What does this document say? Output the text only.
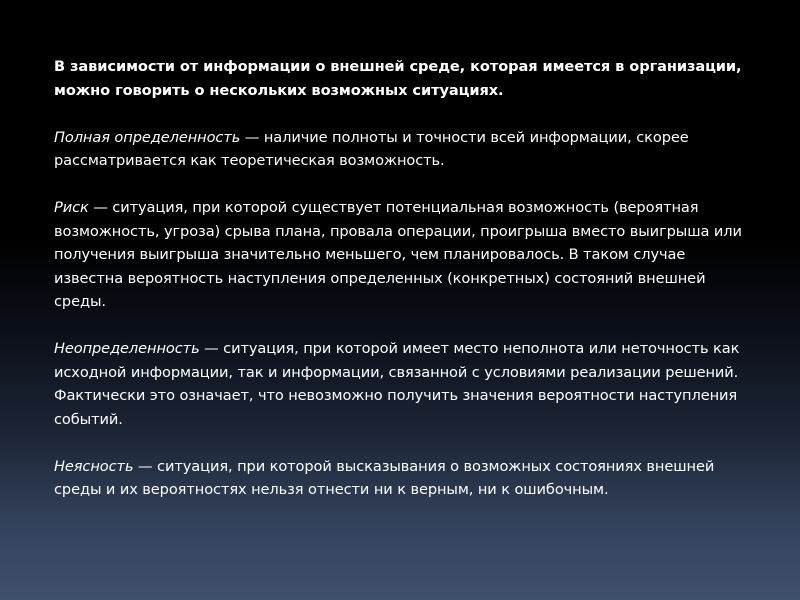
В зависимости от информации о внешней среде, которая имеется в организации, можно говорить о нескольких возможных ситуациях.

Полная определенность — наличие полноты и точности всей информации, скорее рассматривается как теоретическая возможность.

Риск — ситуация, при которой существует потенциальная возможность (вероятная возможность, угроза) срыва плана, провала операции, проигрыша вместо выигрыша или получения выигрыша значительно меньшего, чем планировалось. В таком случае известна вероятность наступления определенных (конкретных) состояний внешней среды.

Неопределенность — ситуация, при которой имеет место неполнота или неточность как исходной информации, так и информации, связанной с условиями реализации решений. Фактически это означает, что невозможно получить значения вероятности наступления событий.

Неясность — ситуация, при которой высказывания о возможных состояниях внешней среды и их вероятностях нельзя отнести ни к верным, ни к ошибочным.
